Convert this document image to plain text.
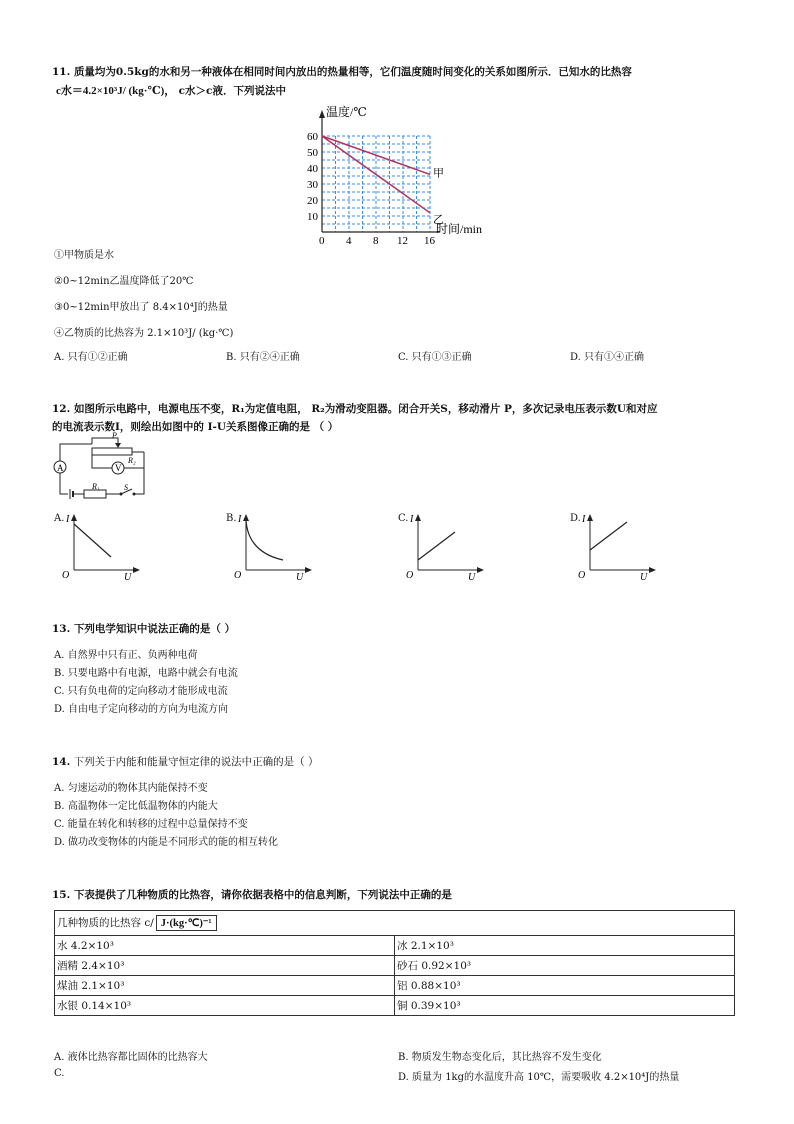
11. 质量均为0.5kg的水和另一种液体在相同时间内放出的热量相等，它们温度随时间变化的关系如图所示．已知水的比热容
c水＝4.2×10³J/ (kg·℃)， c水＞c液．下列说法中
温度/℃
时间/min
0 4 8 12 16
10
20
30
40
50
60
甲
乙
①甲物质是水
②0~12min乙温度降低了20℃
③0~12min甲放出了 8.4×10⁴J的热量
④乙物质的比热容为 2.1×10³J/ (kg·℃)
A. 只有①②正确	B. 只有②④正确	C. 只有①③正确	D. 只有①④正确
12. 如图所示电路中，电源电压不变，R₁为定值电阻， R₂为滑动变阻器。闭合开关S，移动滑片 P，多次记录电压表示数U和对应
的电流表示数I，则绘出如图中的 I-U关系图像正确的是 （ ）
A
R₁	S
P
R₂
V
A. I
O	U
B. I
O	U
C. I
O	U
D. I
O	U
13. 下列电学知识中说法正确的是（ ）
A. 自然界中只有正、负两种电荷
B. 只要电路中有电源，电路中就会有电流
C. 只有负电荷的定向移动才能形成电流
D. 自由电子定向移动的方向为电流方向
14. 下列关于内能和能量守恒定律的说法中正确的是（ ）
A. 匀速运动的物体其内能保持不变
B. 高温物体一定比低温物体的内能大
C. 能量在转化和转移的过程中总量保持不变
D. 做功改变物体的内能是不同形式的能的相互转化
15. 下表提供了几种物质的比热容，请你依据表格中的信息判断，下列说法中正确的是
几种物质的比热容 c/ J·(kg·℃)⁻¹	
水 4.2×10³	冰 2.1×10³
酒精 2.4×10³	砂石 0.92×10³
煤油 2.1×10³	铝 0.88×10³
水银 0.14×10³	铜 0.39×10³
A. 液体比热容都比固体的比热容大	B. 物质发生物态变化后，其比热容不发生变化
C.	D. 质量为 1kg的水温度升高 10℃，需要吸收 4.2×10⁴J的热量
